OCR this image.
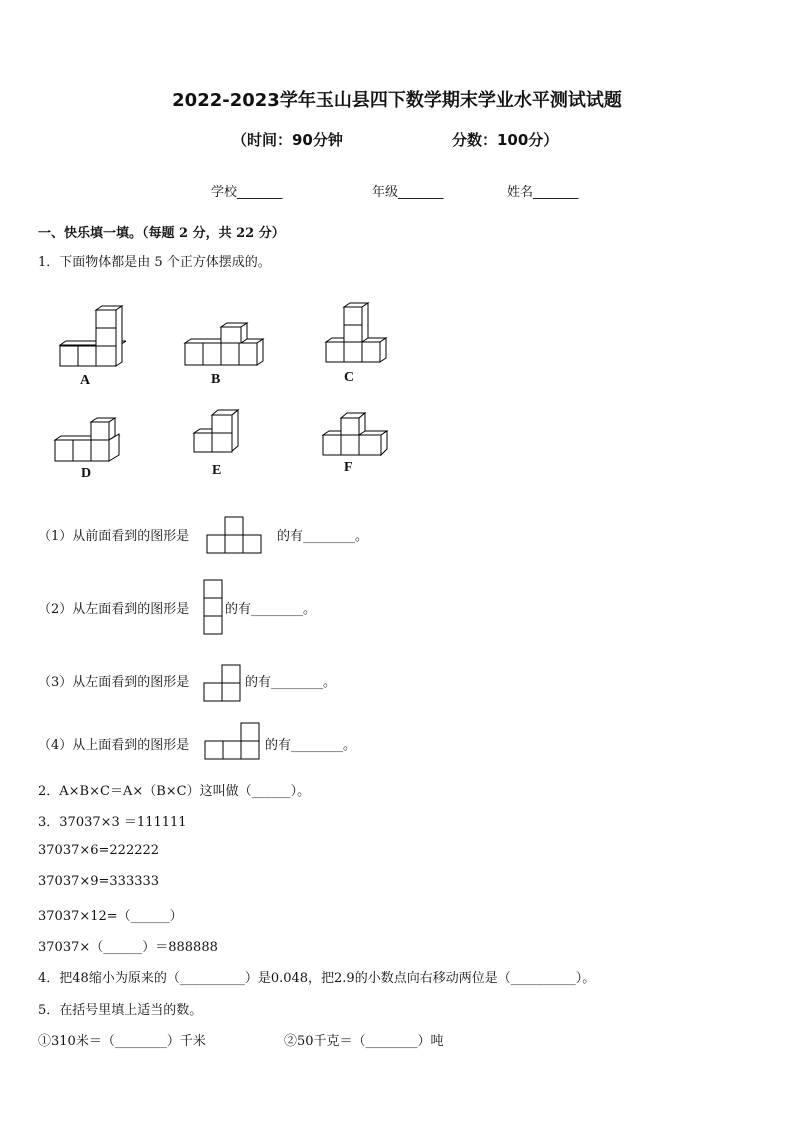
2022-2023学年玉山县四下数学期末学业水平测试试题
（时间：90分钟	分数：100分）
学校_______	年级_______	姓名_______
一、快乐填一填。（每题 2 分，共 22 分）
1．下面物体都是由 5 个正方体摆成的。
A	B	C
D	E	F
（1）从前面看到的图形是	的有________。
（2）从左面看到的图形是	的有________。
（3）从左面看到的图形是	的有________。
（4）从上面看到的图形是	的有________。
2．A×B×C＝A×（B×C）这叫做（______）。
3．37037×3 ＝111111
37037×6=222222
37037×9=333333
37037×12=（______）
37037×（______）＝888888
4．把48缩小为原来的（__________）是0.048，把2.9的小数点向右移动两位是（__________）。
5．在括号里填上适当的数。
①310米＝（________）千米	②50千克＝（________）吨
